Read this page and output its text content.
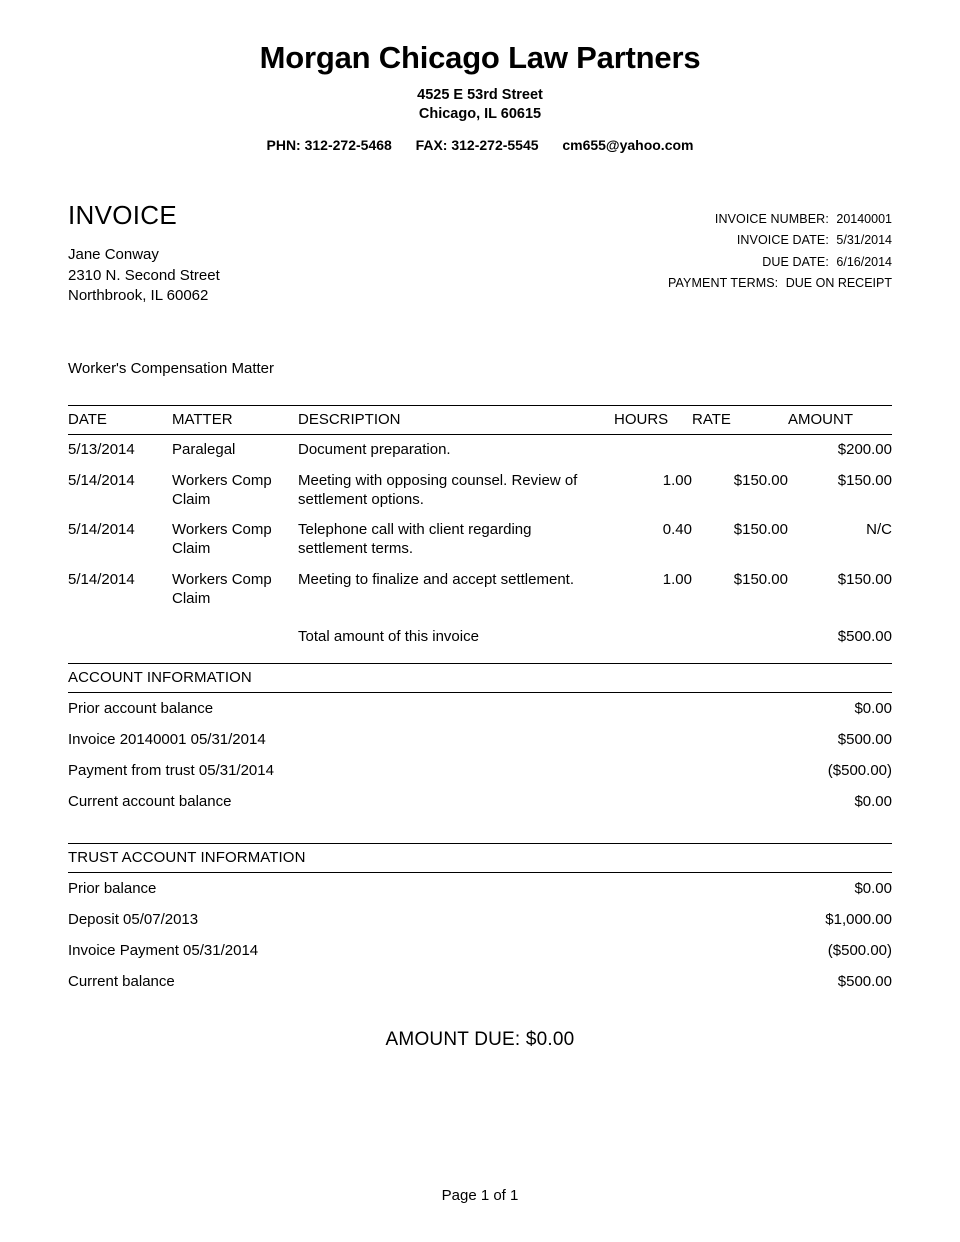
Morgan Chicago Law Partners
4525 E 53rd Street
Chicago, IL 60615
PHN: 312-272-5468 FAX: 312-272-5545 cm655@yahoo.com
INVOICE
Jane Conway
2310 N. Second Street
Northbrook, IL 60062
INVOICE NUMBER: 20140001
INVOICE DATE: 5/31/2014
DUE DATE: 6/16/2014
PAYMENT TERMS: DUE ON RECEIPT
Worker's Compensation Matter
DATE	MATTER	DESCRIPTION	HOURS	RATE	AMOUNT
5/13/2014	Paralegal	Document preparation.			$200.00
5/14/2014	Workers Comp Claim	Meeting with opposing counsel. Review of settlement options.	1.00	$150.00	$150.00
5/14/2014	Workers Comp Claim	Telephone call with client regarding settlement terms.	0.40	$150.00	N/C
5/14/2014	Workers Comp Claim	Meeting to finalize and accept settlement.	1.00	$150.00	$150.00
		Total amount of this invoice			$500.00
ACCOUNT INFORMATION	
Prior account balance	$0.00
Invoice 20140001 05/31/2014	$500.00
Payment from trust 05/31/2014	($500.00)
Current account balance	$0.00
TRUST ACCOUNT INFORMATION	
Prior balance	$0.00
Deposit 05/07/2013	$1,000.00
Invoice Payment 05/31/2014	($500.00)
Current balance	$500.00
AMOUNT DUE: $0.00
Page 1 of 1
